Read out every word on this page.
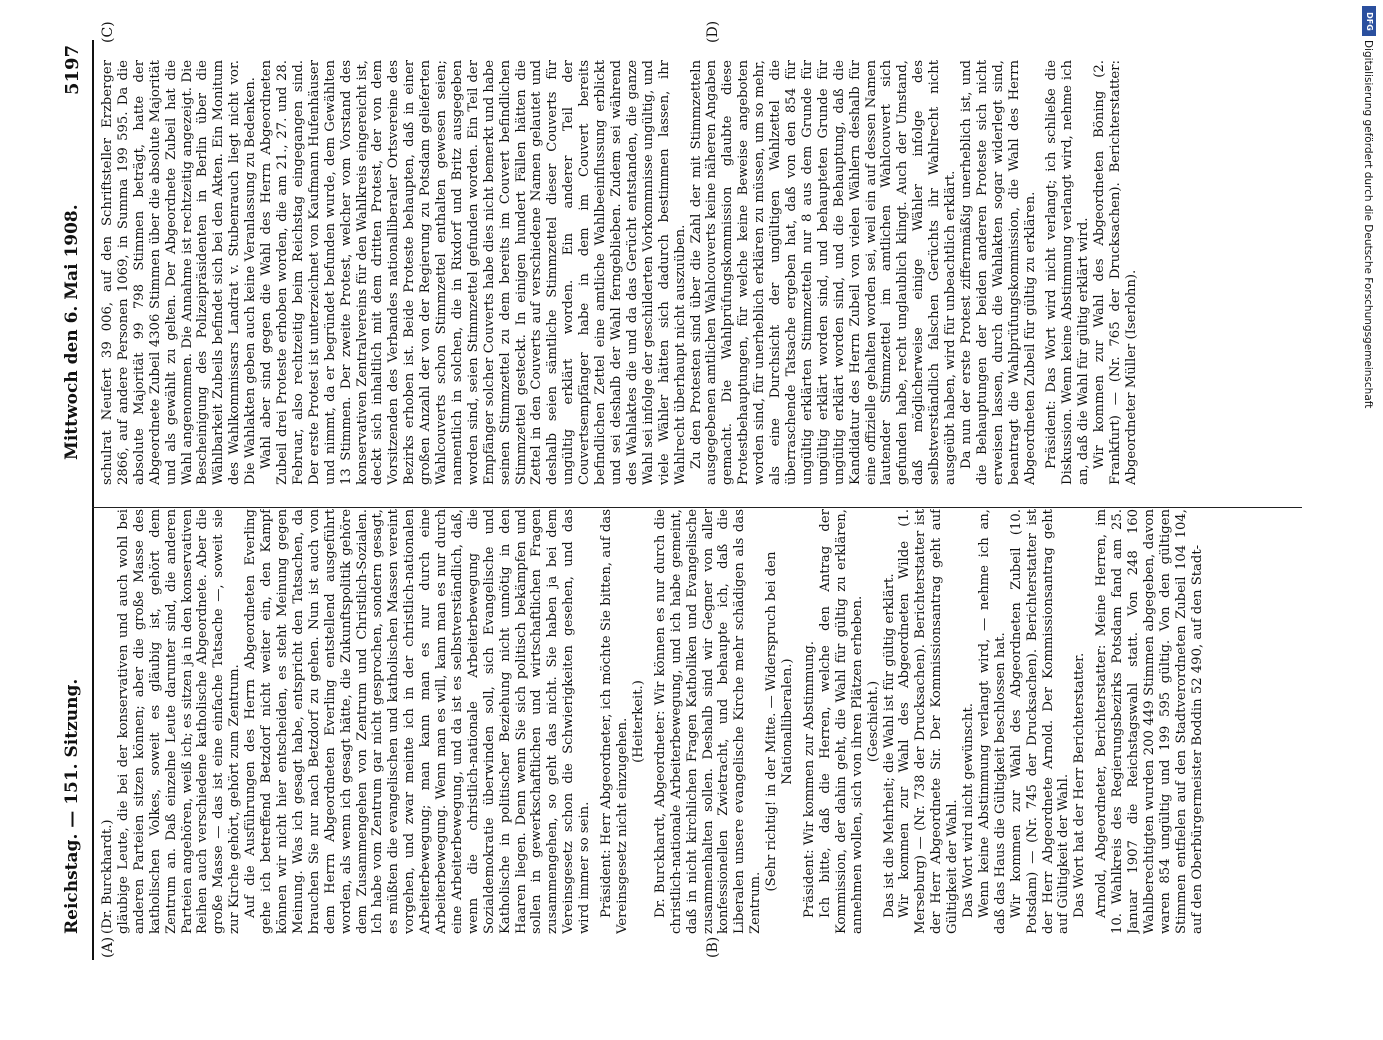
Reichstag. — 151. Sitzung.
Mittwoch den 6. Mai 1908.
5197
(A)	(B)
(C)	(D)

(Dr. Burckhardt.) gläubige Leute, die bei der konservativen und auch wohl bei anderen Parteien sitzen können; aber die große Masse des katholischen Volkes, soweit es gläubig ist, gehört dem Zentrum an. Daß einzelne Leute darunter sind, die anderen Parteien angehören, weiß ich; es sitzen ja in den konservativen Reihen auch verschiedene katholische Abgeordnete. Aber die große Masse — das ist eine einfache Tatsache —, soweit sie zur Kirche gehört, gehört zum Zentrum. Auf die Ausführungen des Herrn Abgeordneten Everling gehe ich betreffend Betzdorf nicht weiter ein, den Kampf können wir nicht hier entscheiden, es steht Meinung gegen Meinung. Was ich gesagt habe, entspricht den Tatsachen, da brauchen Sie nur nach Betzdorf zu gehen. Nun ist auch von dem Herrn Abgeordneten Everling entstellend ausgeführt worden, als wenn ich gesagt hätte, die Zukunftspolitik gehöre dem Zusammengehen von Zentrum und Christlich-Sozialen. Ich habe vom Zentrum gar nicht gesprochen, sondern gesagt, es müßten die evangelischen und katholischen Massen vereint vorgehen, und zwar meinte ich in der christlich-nationalen Arbeiterbewegung; man kann man es nur durch eine Arbeiterbewegung. Wenn man es will, kann man es nur durch eine Arbeiterbewegung, und da ist es selbstverständlich, daß, wenn die christlich-nationale Arbeiterbewegung die Sozialdemokratie überwinden soll, sich Evangelische und Katholische in politischer Beziehung nicht unnötig in den Haaren liegen. Denn wenn Sie sich politisch bekämpfen und sollen in gewerkschaftlichen und wirtschaftlichen Fragen zusammengehen, so geht das nicht. Sie haben ja bei dem Vereinsgesetz schon die Schwierigkeiten gesehen, und das wird immer so sein. Präsident: Herr Abgeordneter, ich möchte Sie bitten, auf das Vereinsgesetz nicht einzugehen. (Heiterkeit.) Dr. Burckhardt, Abgeordneter: Wir können es nur durch die christlich-nationale Arbeiterbewegung, und ich habe gemeint, daß in nicht kirchlichen Fragen Katholiken und Evangelische zusammenhalten sollen. Deshalb sind wir Gegner von aller konfessionellen Zwietracht, und behaupte ich, daß die Liberalen unsere evangelische Kirche mehr schädigen als das Zentrum.

(Sehr richtig! in der Mitte. — Widerspruch bei den Nationalliberalen.) Präsident: Wir kommen zur Abstimmung. Ich bitte, daß die Herren, welche den Antrag der Kommission, der dahin geht, die Wahl für gültig zu erklären, annehmen wollen, sich von ihren Plätzen erheben. (Geschieht.) Das ist die Mehrheit; die Wahl ist für gültig erklärt. Wir kommen zur Wahl des Abgeordneten Wilde (1. Merseburg) — (Nr. 738 der Drucksachen). Berichterstatter ist der Herr Abgeordnete Sir. Der Kommissionsantrag geht auf Gültigkeit der Wahl. Das Wort wird nicht gewünscht. Wenn keine Abstimmung verlangt wird, — nehme ich an, daß das Haus die Gültigkeit beschlossen hat. Wir kommen zur Wahl des Abgeordneten Zubeil (10. Potsdam) — (Nr. 745 der Drucksachen). Berichterstatter ist der Herr Abgeordnete Arnold. Der Kommissionsantrag geht auf Gültigkeit der Wahl. Das Wort hat der Herr Berichterstatter. Arnold, Abgeordneter, Berichterstatter: Meine Herren, im 10. Wahlkreis des Regierungsbezirks Potsdam fand am 25. Januar 1907 die Reichstagswahl statt. Von 248 160 Wahlberechtigten wurden 200 449 Stimmen abgegeben, davon waren 854 ungültig und 199 595 gültig. Von den gültigen Stimmen entfielen auf den Stadtverordneten Zubeil 104 104, auf den Oberbürgermeister Boddin 52 490, auf den Stadt-

schulrat Neufert 39 006, auf den Schriftsteller Erzberger 2866, auf andere Personen 1069, in Summa 199 595. Da die absolute Majorität 99 798 Stimmen beträgt, hatte der Abgeordnete Zubeil 4306 Stimmen über die absolute Majorität und als gewählt zu gelten. Der Abgeordnete Zubeil hat die Wahl angenommen. Die Annahme ist rechtzeitig angezeigt. Die Bescheinigung des Polizeipräsidenten in Berlin über die Wählbarkeit Zubeils befindet sich bei den Akten. Ein Monitum des Wahlkommissars Landrat v. Stubenrauch liegt nicht vor. Die Wahlakten geben auch keine Veranlassung zu Bedenken. Wahl aber sind gegen die Wahl des Herrn Abgeordneten Zubeil drei Proteste erhoben worden, die am 21., 27. und 28. Februar, also rechtzeitig beim Reichstag eingegangen sind. Der erste Protest ist unterzeichnet von Kaufmann Hufenhäuser und nimmt, da er begründet befunden wurde, dem Gewählten 13 Stimmen. Der zweite Protest, welcher vom Vorstand des konservativen Zentralvereins für den Wahlkreis eingereicht ist, deckt sich inhaltlich mit dem dritten Protest, der von dem Vorsitzenden des Verbandes nationalliberaler Ortsvereine des Bezirks erhoben ist. Beide Proteste behaupten, daß in einer großen Anzahl der von der Regierung zu Potsdam gelieferten Wahlcouverts schon Stimmzettel enthalten gewesen seien; namentlich in solchen, die in Rixdorf und Britz ausgegeben worden sind, seien Stimmzettel gefunden worden. Ein Teil der Empfänger solcher Couverts habe dies nicht bemerkt und habe seinen Stimmzettel zu dem bereits im Couvert befindlichen Stimmzettel gesteckt. In einigen hundert Fällen hätten die Zettel in den Couverts auf verschiedene Namen gelautet und deshalb seien sämtliche Stimmzettel dieser Couverts für ungültig erklärt worden. Ein anderer Teil der Couvertsempfänger habe in dem im Couvert bereits befindlichen Zettel eine amtliche Wahlbeeinflussung erblickt und sei deshalb der Wahl ferngeblieben. Zudem sei während des Wahlaktes die und da das Gerücht entstanden, die ganze Wahl sei infolge der geschilderten Vorkommnisse ungültig, und viele Wähler hätten sich dadurch bestimmen lassen, ihr Wahlrecht überhaupt nicht auszuüben. Zu den Protesten sind über die Zahl der mit Stimmzetteln ausgegebenen amtlichen Wahlcouverts keine näheren Angaben gemacht. Die Wahlprüfungskommission glaubte diese Protestbehauptungen, für welche keine Beweise angeboten worden sind, für unerheblich erklären zu müssen, um so mehr, als eine Durchsicht der ungültigen Wahlzettel die überraschende Tatsache ergeben hat, daß von den 854 für ungültig erklärten Stimmzetteln nur 8 aus dem Grunde für ungültig erklärt worden sind, und behaupteten Grunde für ungültig erklärt worden sind, und die Behauptung, daß die Kandidatur des Herrn Zubeil von vielen Wählern deshalb für eine offizielle gehalten worden sei, weil ein auf dessen Namen lautender Stimmzettel im amtlichen Wahlcouvert sich gefunden habe, recht unglaublich klingt. Auch der Umstand, daß möglicherweise einige Wähler infolge des selbstverständlich falschen Gerüchts ihr Wahlrecht nicht ausgeübt haben, wird für unbeachtlich erklärt. Da nun der erste Protest ziffernmäßig unerheblich ist, und die Behauptungen der beiden anderen Proteste sich nicht erweisen lassen, durch die Wahlakten sogar widerlegt sind, beantragt die Wahlprüfungskommission, die Wahl des Herrn Abgeordneten Zubeil für gültig zu erklären. Präsident: Das Wort wird nicht verlangt; ich schließe die Diskussion. Wenn keine Abstimmung verlangt wird, nehme ich an, daß die Wahl für gültig erklärt wird. Wir kommen zur Wahl des Abgeordneten Böning (2. Frankfurt) — (Nr. 765 der Drucksachen). Berichterstatter: Abgeordneter Müller (Iserlohn).	Digitalisierung gefördert durch die Deutsche Forschungsgemeinschaft
DFG
